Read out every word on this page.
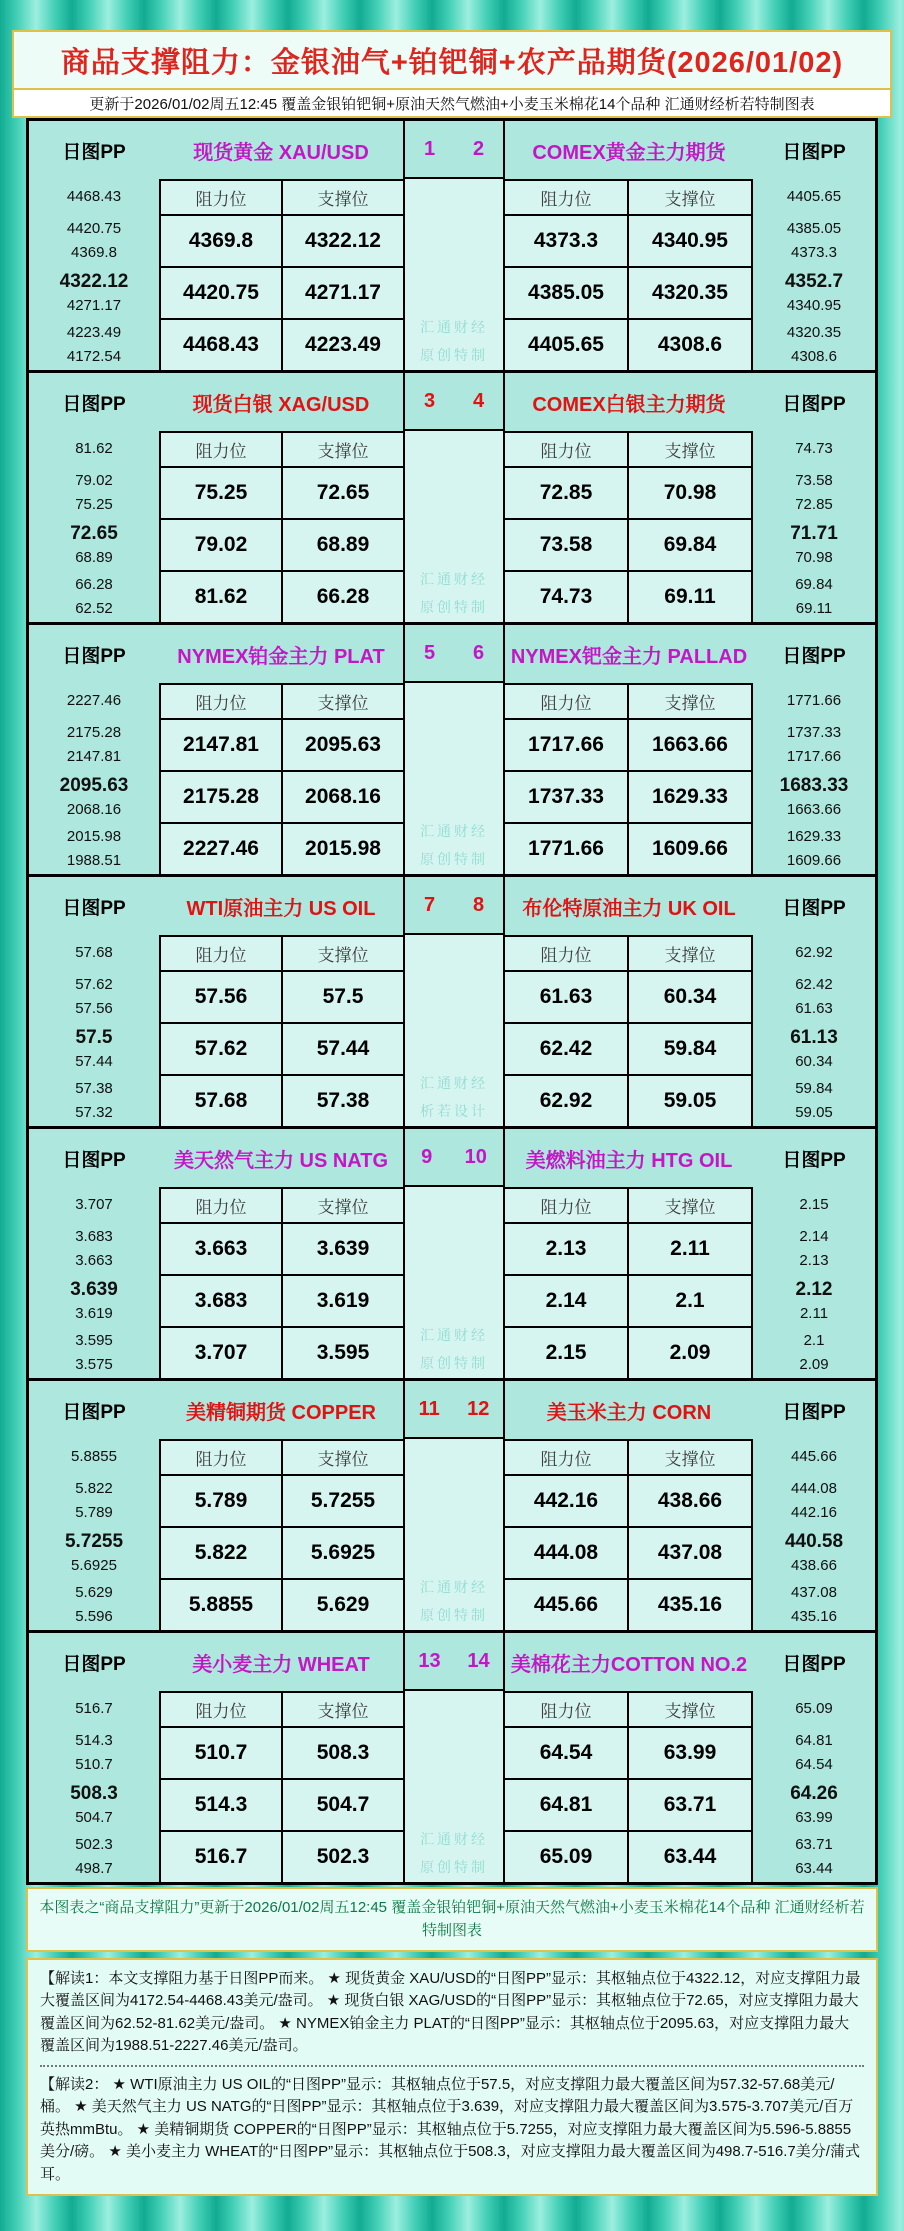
商品支撑阻力：金银油气+铂钯铜+农产品期货(2026/01/02)
更新于2026/01/02周五12:45 覆盖金银铂钯铜+原油天然气燃油+小麦玉米棉花14个品种 汇通财经析若特制图表
日图PP
4468.43
4420.75
4369.8
4322.12
4271.17
4223.49
4172.54
现货黄金 XAU/USD	1 2	COMEX黄金主力期货	日图PP
4405.65
4385.05
4373.3
4352.7
4340.95
4320.35
4308.6
阻力位	支撑位
4369.8	4322.12
4420.75	4271.17
4468.43	4223.49
阻力位	支撑位
4373.3	4340.95
4385.05	4320.35
4405.65	4308.6
汇通财经
原创特制
日图PP
81.62
79.02
75.25
72.65
68.89
66.28
62.52
现货白银 XAG/USD	3 4	COMEX白银主力期货	日图PP
74.73
73.58
72.85
71.71
70.98
69.84
69.11
阻力位	支撑位
75.25	72.65
79.02	68.89
81.62	66.28
阻力位	支撑位
72.85	70.98
73.58	69.84
74.73	69.11
汇通财经
原创特制
日图PP
2227.46
2175.28
2147.81
2095.63
2068.16
2015.98
1988.51
NYMEX铂金主力 PLAT	5 6 NYMEX钯金主力 PALLAD	日图PP
1771.66
1737.33
1717.66
1683.33
1663.66
1629.33
1609.66
阻力位	支撑位
2147.81	2095.63
2175.28	2068.16
2227.46	2015.98
阻力位	支撑位
1717.66	1663.66
1737.33	1629.33
1771.66	1609.66
汇通财经
原创特制
日图PP
57.68
57.62
57.56
57.5
57.44
57.38
57.32
WTI原油主力 US OIL	7 8	布伦特原油主力 UK OIL	日图PP
62.92
62.42
61.63
61.13
60.34
59.84
59.05
阻力位	支撑位
57.56	57.5
57.62	57.44
57.68	57.38
阻力位	支撑位
61.63	60.34
62.42	59.84
62.92	59.05
汇通财经
析若设计
日图PP
3.707
3.683
3.663
3.639
3.619
3.595
3.575
美天然气主力 US NATG	9 10	美燃料油主力 HTG OIL	日图PP
2.15
2.14
2.13
2.12
2.11
2.1
2.09
阻力位	支撑位
3.663	3.639
3.683	3.619
3.707	3.595
阻力位	支撑位
2.13	2.11
2.14	2.1
2.15	2.09
汇通财经
原创特制
日图PP
5.8855
5.822
5.789
5.7255
5.6925
5.629
5.596
美精铜期货 COPPER	11 12	美玉米主力 CORN	日图PP
445.66
444.08
442.16
440.58
438.66
437.08
435.16
阻力位	支撑位
5.789	5.7255
5.822	5.6925
5.8855	5.629
阻力位	支撑位
442.16	438.66
444.08	437.08
445.66	435.16
汇通财经
原创特制
日图PP
516.7
514.3
510.7
508.3
504.7
502.3
498.7
美小麦主力 WHEAT	13 14 美棉花主力COTTON NO.2	日图PP
65.09
64.81
64.54
64.26
63.99
63.71
63.44
阻力位	支撑位
510.7	508.3
514.3	504.7
516.7	502.3
阻力位	支撑位
64.54	63.99
64.81	63.71
65.09	63.44
汇通财经
原创特制
本图表之“商品支撑阻力”更新于2026/01/02周五12:45 覆盖金银铂钯铜+原油天然气燃油+小麦玉米棉花14个品种 汇通财经析若特制图表

【解读1：本文支撑阻力基于日图PP而来。 ★ 现货黄金 XAU/USD的“日图PP”显示：其枢轴点位于4322.12，对应支撑阻力最大覆盖区间为4172.54-4468.43美元/盎司。 ★ 现货白银 XAG/USD的“日图PP”显示：其枢轴点位于72.65，对应支撑阻力最大覆盖区间为62.52-81.62美元/盎司。 ★ NYMEX铂金主力 PLAT的“日图PP”显示：其枢轴点位于2095.63，对应支撑阻力最大覆盖区间为1988.51-2227.46美元/盎司。

【解读2： ★ WTI原油主力 US OIL的“日图PP”显示：其枢轴点位于57.5，对应支撑阻力最大覆盖区间为57.32-57.68美元/桶。 ★ 美天然气主力 US NATG的“日图PP”显示：其枢轴点位于3.639，对应支撑阻力最大覆盖区间为3.575-3.707美元/百万英热mmBtu。 ★ 美精铜期货 COPPER的“日图PP”显示：其枢轴点位于5.7255，对应支撑阻力最大覆盖区间为5.596-5.8855美分/磅。 ★ 美小麦主力 WHEAT的“日图PP”显示：其枢轴点位于508.3，对应支撑阻力最大覆盖区间为498.7-516.7美分/蒲式耳。
